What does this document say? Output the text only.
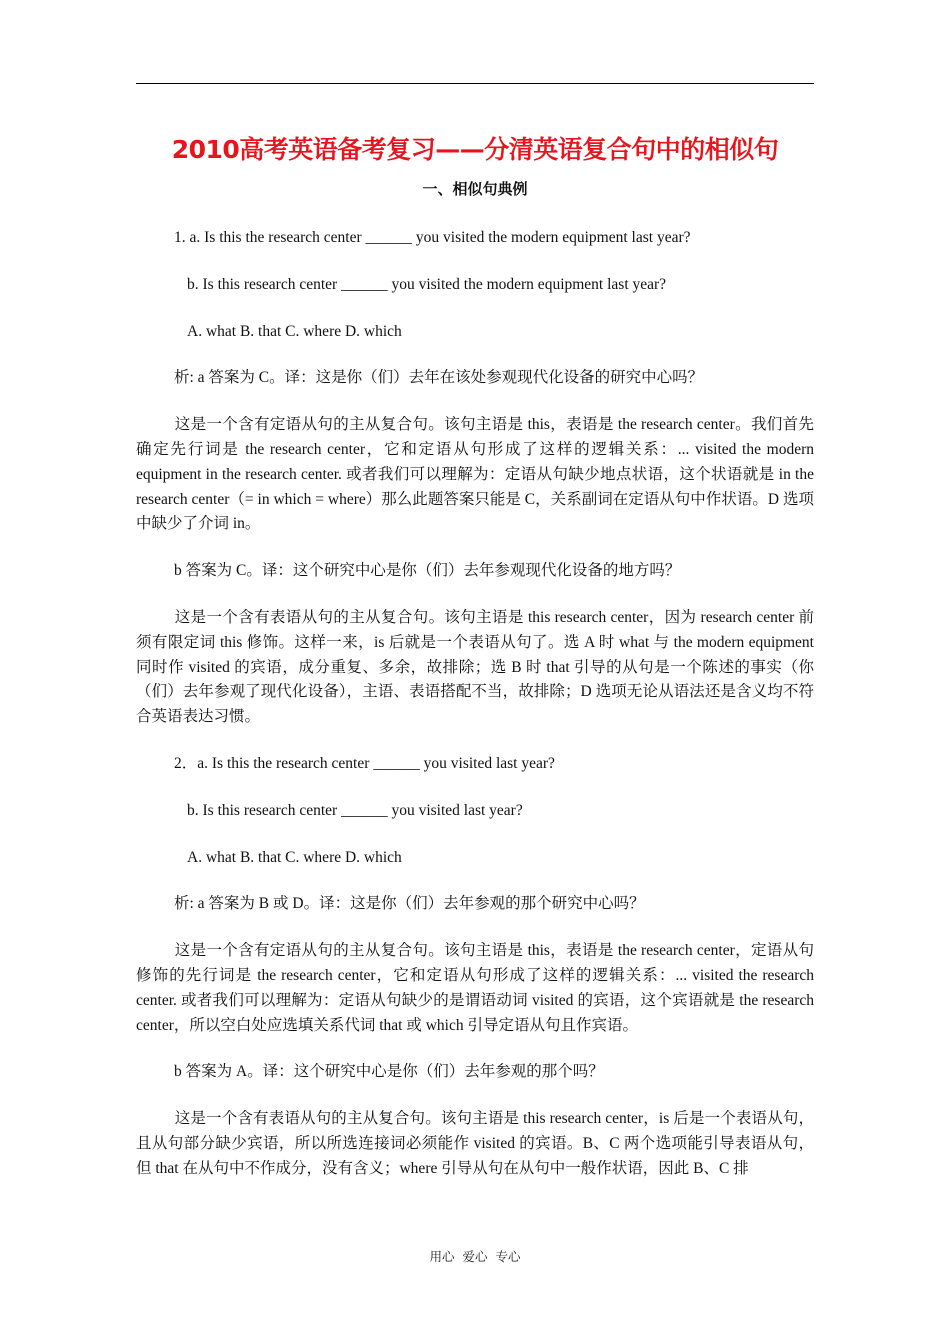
2010高考英语备考复习——分清英语复合句中的相似句
一、相似句典例

1. a. Is this the research center ______ you visited the modern equipment last year?

b. Is this research center ______ you visited the modern equipment last year?

A. what B. that C. where D. which

析: a 答案为 C。译：这是你（们）去年在该处参观现代化设备的研究中心吗？

这是一个含有定语从句的主从复合句。该句主语是 this，表语是 the research center。我们首先确定先行词是 the research center，它和定语从句形成了这样的逻辑关系：... visited the modern equipment in the research center. 或者我们可以理解为：定语从句缺少地点状语，这个状语就是 in the research center（= in which = where）那么此题答案只能是 C，关系副词在定语从句中作状语。D 选项中缺少了介词 in。

b 答案为 C。译：这个研究中心是你（们）去年参观现代化设备的地方吗？

这是一个含有表语从句的主从复合句。该句主语是 this research center，因为 research center 前须有限定词 this 修饰。这样一来，is 后就是一个表语从句了。选 A 时 what 与 the modern equipment 同时作 visited 的宾语，成分重复、多余，故排除；选 B 时 that 引导的从句是一个陈述的事实（你（们）去年参观了现代化设备），主语、表语搭配不当，故排除；D 选项无论从语法还是含义均不符合英语表达习惯。

2．a. Is this the research center ______ you visited last year?

b. Is this research center ______ you visited last year?

A. what B. that C. where D. which

析: a 答案为 B 或 D。译：这是你（们）去年参观的那个研究中心吗？

这是一个含有定语从句的主从复合句。该句主语是 this，表语是 the research center，定语从句修饰的先行词是 the research center，它和定语从句形成了这样的逻辑关系：... visited the research center. 或者我们可以理解为：定语从句缺少的是谓语动词 visited 的宾语，这个宾语就是 the research center，所以空白处应选填关系代词 that 或 which 引导定语从句且作宾语。

b 答案为 A。译：这个研究中心是你（们）去年参观的那个吗？

这是一个含有表语从句的主从复合句。该句主语是 this research center，is 后是一个表语从句，且从句部分缺少宾语，所以所选连接词必须能作 visited 的宾语。B、C 两个选项能引导表语从句，但 that 在从句中不作成分，没有含义；where 引导从句在从句中一般作状语，因此 B、C 排

用心 爱心 专心
